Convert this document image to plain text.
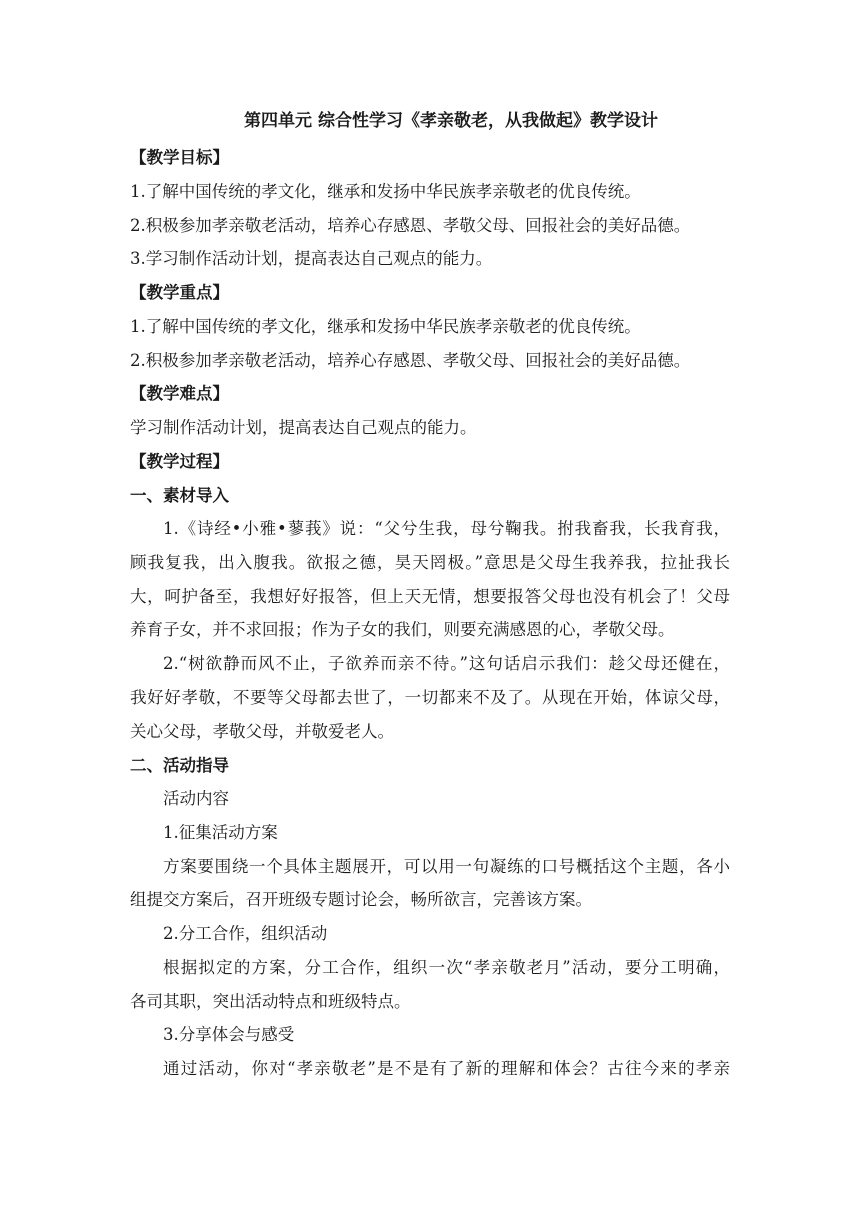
第四单元 综合性学习《孝亲敬老，从我做起》教学设计
【教学目标】
1.了解中国传统的孝文化，继承和发扬中华民族孝亲敬老的优良传统。
2.积极参加孝亲敬老活动，培养心存感恩、孝敬父母、回报社会的美好品德。
3.学习制作活动计划，提高表达自己观点的能力。
【教学重点】
1.了解中国传统的孝文化，继承和发扬中华民族孝亲敬老的优良传统。
2.积极参加孝亲敬老活动，培养心存感恩、孝敬父母、回报社会的美好品德。
【教学难点】
学习制作活动计划，提高表达自己观点的能力。
【教学过程】
一、素材导入
1.《诗经•小雅•蓼莪》说：“父兮生我，母兮鞠我。拊我畜我，长我育我，
顾我复我，出入腹我。欲报之德，昊天罔极。”意思是父母生我养我，拉扯我长
大，呵护备至，我想好好报答，但上天无情，想要报答父母也没有机会了！父母
养育子女，并不求回报；作为子女的我们，则要充满感恩的心，孝敬父母。
2.“树欲静而风不止，子欲养而亲不待。”这句话启示我们：趁父母还健在，
我好好孝敬，不要等父母都去世了，一切都来不及了。从现在开始，体谅父母，
关心父母，孝敬父母，并敬爱老人。
二、活动指导
活动内容
1.征集活动方案
方案要围绕一个具体主题展开，可以用一句凝练的口号概括这个主题，各小
组提交方案后，召开班级专题讨论会，畅所欲言，完善该方案。
2.分工合作，组织活动
根据拟定的方案，分工合作，组织一次“孝亲敬老月”活动，要分工明确，
各司其职，突出活动特点和班级特点。
3.分享体会与感受
通过活动，你对“孝亲敬老”是不是有了新的理解和体会？古往今来的孝亲
